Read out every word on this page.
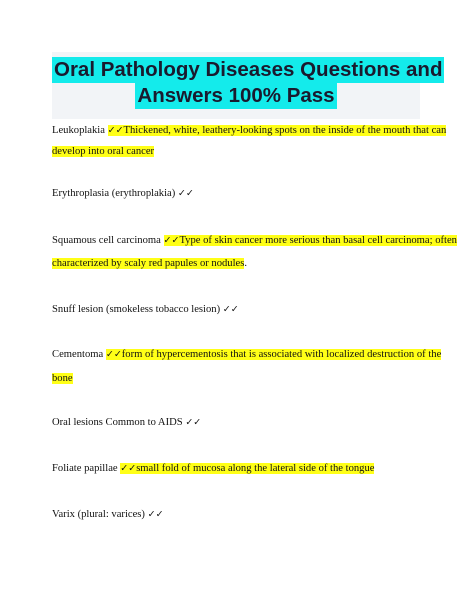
Oral Pathology Diseases Questions and
Answers 100% Pass
Leukoplakia ✓✓Thickened, white, leathery-looking spots on the inside of the mouth that can
develop into oral cancer
Erythroplasia (erythroplakia) ✓✓
Squamous cell carcinoma ✓✓Type of skin cancer more serious than basal cell carcinoma; often
characterized by scaly red papules or nodules.
Snuff lesion (smokeless tobacco lesion) ✓✓
Cementoma ✓✓form of hypercementosis that is associated with localized destruction of the
bone
Oral lesions Common to AIDS ✓✓
Foliate papillae ✓✓small fold of mucosa along the lateral side of the tongue
Varix (plural: varices) ✓✓
